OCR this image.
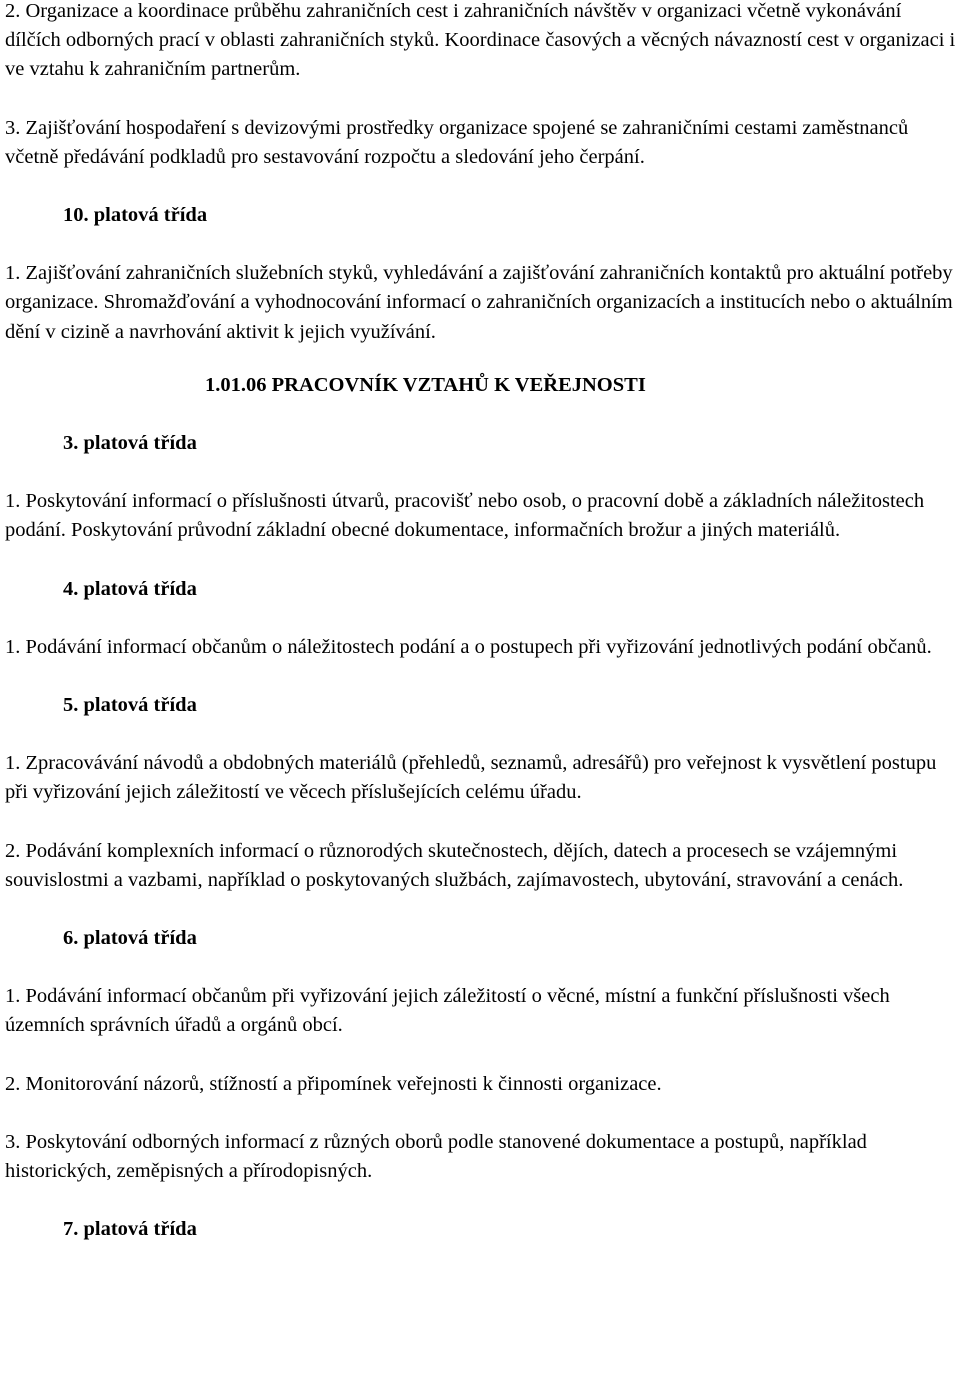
2. Organizace a koordinace průběhu zahraničních cest i zahraničních návštěv v organizaci včetně vykonávání dílčích odborných prací v oblasti zahraničních styků. Koordinace časových a věcných návazností cest v organizaci i ve vztahu k zahraničním partnerům.

3. Zajišťování hospodaření s devizovými prostředky organizace spojené se zahraničními cestami zaměstnanců včetně předávání podkladů pro sestavování rozpočtu a sledování jeho čerpání.

10. platová třída

1. Zajišťování zahraničních služebních styků, vyhledávání a zajišťování zahraničních kontaktů pro aktuální potřeby organizace. Shromažďování a vyhodnocování informací o zahraničních organizacích a institucích nebo o aktuálním dění v cizině a navrhování aktivit k jejich využívání.

1.01.06 PRACOVNÍK VZTAHŮ K VEŘEJNOSTI

3. platová třída

1. Poskytování informací o příslušnosti útvarů, pracovišť nebo osob, o pracovní době a základních náležitostech podání. Poskytování průvodní základní obecné dokumentace, informačních brožur a jiných materiálů.

4. platová třída

1. Podávání informací občanům o náležitostech podání a o postupech při vyřizování jednotlivých podání občanů.

5. platová třída

1. Zpracovávání návodů a obdobných materiálů (přehledů, seznamů, adresářů) pro veřejnost k vysvětlení postupu při vyřizování jejich záležitostí ve věcech příslušejících celému úřadu.

2. Podávání komplexních informací o různorodých skutečnostech, dějích, datech a procesech se vzájemnými souvislostmi a vazbami, například o poskytovaných službách, zajímavostech, ubytování, stravování a cenách.

6. platová třída

1. Podávání informací občanům při vyřizování jejich záležitostí o věcné, místní a funkční příslušnosti všech územních správních úřadů a orgánů obcí.

2. Monitorování názorů, stížností a připomínek veřejnosti k činnosti organizace.

3. Poskytování odborných informací z různých oborů podle stanovené dokumentace a postupů, například historických, zeměpisných a přírodopisných.

7. platová třída
